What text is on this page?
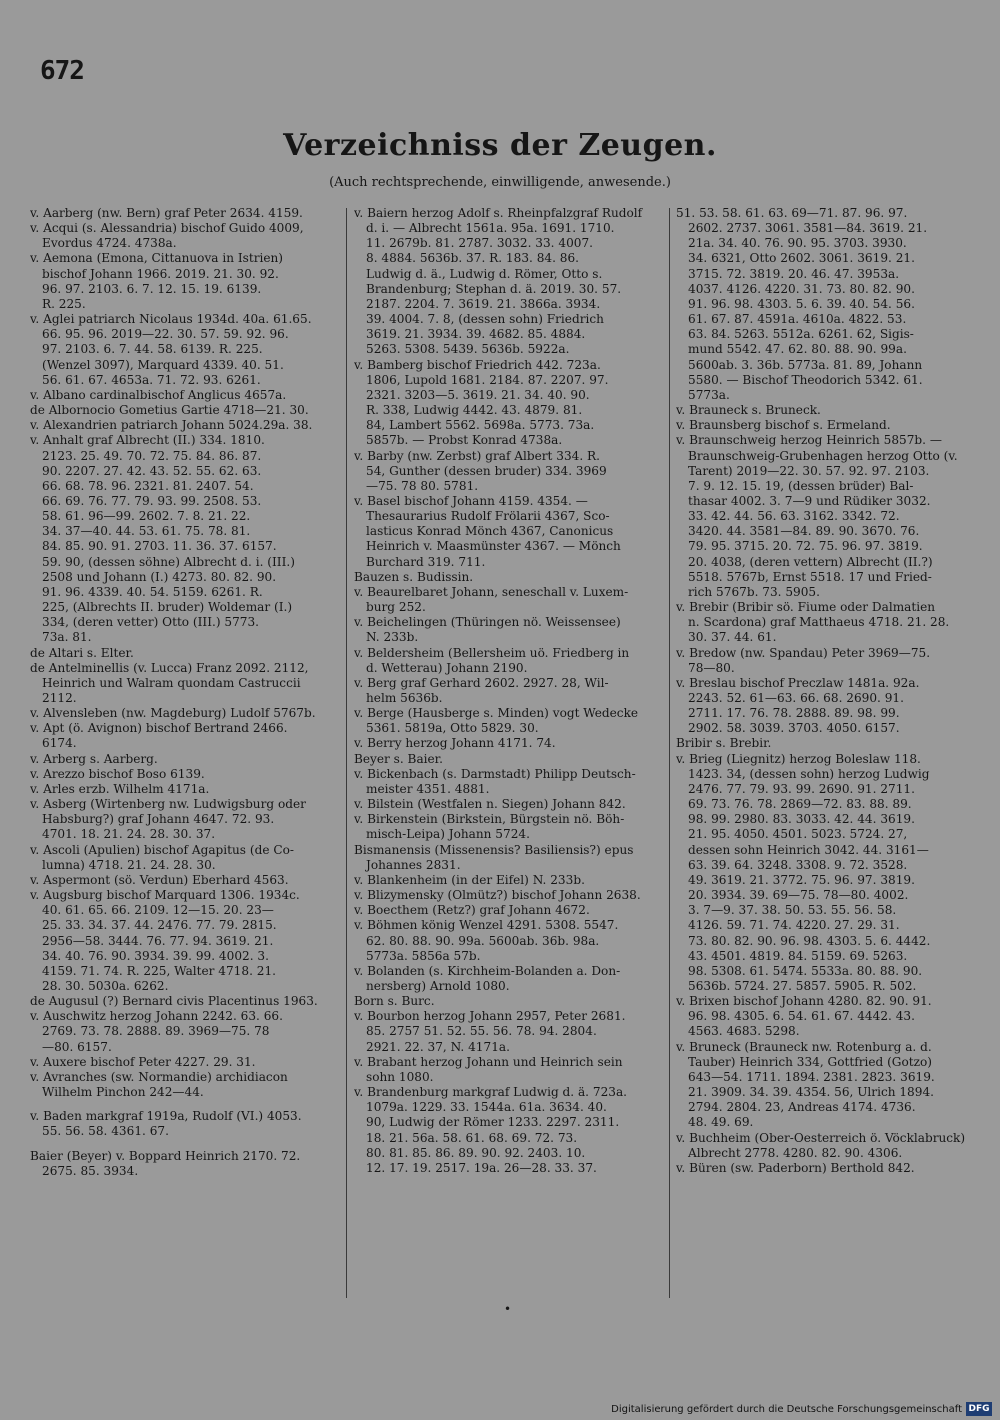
672
Verzeichniss der Zeugen.
(Auch rechtsprechende, einwilligende, anwesende.)
v. Aarberg (nw. Bern) graf Peter 2634. 4159.
v. Acqui (s. Alessandria) bischof Guido 4009,
Evordus 4724. 4738a.
v. Aemona (Emona, Cittanuova in Istrien)
bischof Johann 1966. 2019. 21. 30. 92.
96. 97. 2103. 6. 7. 12. 15. 19. 6139.
R. 225.
v. Aglei patriarch Nicolaus 1934d. 40a. 61.65.
66. 95. 96. 2019—22. 30. 57. 59. 92. 96.
97. 2103. 6. 7. 44. 58. 6139. R. 225.
(Wenzel 3097), Marquard 4339. 40. 51.
56. 61. 67. 4653a. 71. 72. 93. 6261.
v. Albano cardinalbischof Anglicus 4657a.
de Albornocio Gometius Gartie 4718—21. 30.
v. Alexandrien patriarch Johann 5024.29a. 38.
v. Anhalt graf Albrecht (II.) 334. 1810.
2123. 25. 49. 70. 72. 75. 84. 86. 87.
90. 2207. 27. 42. 43. 52. 55. 62. 63.
66. 68. 78. 96. 2321. 81. 2407. 54.
66. 69. 76. 77. 79. 93. 99. 2508. 53.
58. 61. 96—99. 2602. 7. 8. 21. 22.
34. 37—40. 44. 53. 61. 75. 78. 81.
84. 85. 90. 91. 2703. 11. 36. 37. 6157.
59. 90, (dessen söhne) Albrecht d. i. (III.)
2508 und Johann (I.) 4273. 80. 82. 90.
91. 96. 4339. 40. 54. 5159. 6261. R.
225, (Albrechts II. bruder) Woldemar (I.)
334, (deren vetter) Otto (III.) 5773.
73a. 81.
de Altari s. Elter.
de Antelminellis (v. Lucca) Franz 2092. 2112,
Heinrich und Walram quondam Castruccii
2112.
v. Alvensleben (nw. Magdeburg) Ludolf 5767b.
v. Apt (ö. Avignon) bischof Bertrand 2466.
6174.
v. Arberg s. Aarberg.
v. Arezzo bischof Boso 6139.
v. Arles erzb. Wilhelm 4171a.
v. Asberg (Wirtenberg nw. Ludwigsburg oder
Habsburg?) graf Johann 4647. 72. 93.
4701. 18. 21. 24. 28. 30. 37.
v. Ascoli (Apulien) bischof Agapitus (de Co-
lumna) 4718. 21. 24. 28. 30.
v. Aspermont (sö. Verdun) Eberhard 4563.
v. Augsburg bischof Marquard 1306. 1934c.
40. 61. 65. 66. 2109. 12—15. 20. 23—
25. 33. 34. 37. 44. 2476. 77. 79. 2815.
2956—58. 3444. 76. 77. 94. 3619. 21.
34. 40. 76. 90. 3934. 39. 99. 4002. 3.
4159. 71. 74. R. 225, Walter 4718. 21.
28. 30. 5030a. 6262.
de Augusul (?) Bernard civis Placentinus 1963.
v. Auschwitz herzog Johann 2242. 63. 66.
2769. 73. 78. 2888. 89. 3969—75. 78
—80. 6157.
v. Auxere bischof Peter 4227. 29. 31.
v. Avranches (sw. Normandie) archidiacon
Wilhelm Pinchon 242—44.
v. Baden markgraf 1919a, Rudolf (VI.) 4053.
55. 56. 58. 4361. 67.
Baier (Beyer) v. Boppard Heinrich 2170. 72.
2675. 85. 3934.
v. Baiern herzog Adolf s. Rheinpfalzgraf Rudolf
d. i. — Albrecht 1561a. 95a. 1691. 1710.
11. 2679b. 81. 2787. 3032. 33. 4007.
8. 4884. 5636b. 37. R. 183. 84. 86.
Ludwig d. ä., Ludwig d. Römer, Otto s.
Brandenburg; Stephan d. ä. 2019. 30. 57.
2187. 2204. 7. 3619. 21. 3866a. 3934.
39. 4004. 7. 8, (dessen sohn) Friedrich
3619. 21. 3934. 39. 4682. 85. 4884.
5263. 5308. 5439. 5636b. 5922a.
v. Bamberg bischof Friedrich 442. 723a.
1806, Lupold 1681. 2184. 87. 2207. 97.
2321. 3203—5. 3619. 21. 34. 40. 90.
R. 338, Ludwig 4442. 43. 4879. 81.
84, Lambert 5562. 5698a. 5773. 73a.
5857b. — Probst Konrad 4738a.
v. Barby (nw. Zerbst) graf Albert 334. R.
54, Gunther (dessen bruder) 334. 3969
—75. 78 80. 5781.
v. Basel bischof Johann 4159. 4354. —
Thesaurarius Rudolf Frölarii 4367, Sco-
lasticus Konrad Mönch 4367, Canonicus
Heinrich v. Maasmünster 4367. — Mönch
Burchard 319. 711.
Bauzen s. Budissin.
v. Beaurelbaret Johann, seneschall v. Luxem-
burg 252.
v. Beichelingen (Thüringen nö. Weissensee)
N. 233b.
v. Beldersheim (Bellersheim uö. Friedberg in
d. Wetterau) Johann 2190.
v. Berg graf Gerhard 2602. 2927. 28, Wil-
helm 5636b.
v. Berge (Hausberge s. Minden) vogt Wedecke
5361. 5819a, Otto 5829. 30.
v. Berry herzog Johann 4171. 74.
Beyer s. Baier.
v. Bickenbach (s. Darmstadt) Philipp Deutsch-
meister 4351. 4881.
v. Bilstein (Westfalen n. Siegen) Johann 842.
v. Birkenstein (Birkstein, Bürgstein nö. Böh-
misch-Leipa) Johann 5724.
Bismanensis (Missenensis? Basiliensis?) epus
Johannes 2831.
v. Blankenheim (in der Eifel) N. 233b.
v. Blizymensky (Olmütz?) bischof Johann 2638.
v. Boecthem (Retz?) graf Johann 4672.
v. Böhmen könig Wenzel 4291. 5308. 5547.
62. 80. 88. 90. 99a. 5600ab. 36b. 98a.
5773a. 5856a 57b.
v. Bolanden (s. Kirchheim-Bolanden a. Don-
nersberg) Arnold 1080.
Born s. Burc.
v. Bourbon herzog Johann 2957, Peter 2681.
85. 2757 51. 52. 55. 56. 78. 94. 2804.
2921. 22. 37, N. 4171a.
v. Brabant herzog Johann und Heinrich sein
sohn 1080.
v. Brandenburg markgraf Ludwig d. ä. 723a.
1079a. 1229. 33. 1544a. 61a. 3634. 40.
90, Ludwig der Römer 1233. 2297. 2311.
18. 21. 56a. 58. 61. 68. 69. 72. 73.
80. 81. 85. 86. 89. 90. 92. 2403. 10.
12. 17. 19. 2517. 19a. 26—28. 33. 37.
51. 53. 58. 61. 63. 69—71. 87. 96. 97.
2602. 2737. 3061. 3581—84. 3619. 21.
21a. 34. 40. 76. 90. 95. 3703. 3930.
34. 6321, Otto 2602. 3061. 3619. 21.
3715. 72. 3819. 20. 46. 47. 3953a.
4037. 4126. 4220. 31. 73. 80. 82. 90.
91. 96. 98. 4303. 5. 6. 39. 40. 54. 56.
61. 67. 87. 4591a. 4610a. 4822. 53.
63. 84. 5263. 5512a. 6261. 62, Sigis-
mund 5542. 47. 62. 80. 88. 90. 99a.
5600ab. 3. 36b. 5773a. 81. 89, Johann
5580. — Bischof Theodorich 5342. 61.
5773a.
v. Brauneck s. Bruneck.
v. Braunsberg bischof s. Ermeland.
v. Braunschweig herzog Heinrich 5857b. —
Braunschweig-Grubenhagen herzog Otto (v.
Tarent) 2019—22. 30. 57. 92. 97. 2103.
7. 9. 12. 15. 19, (dessen brüder) Bal-
thasar 4002. 3. 7—9 und Rüdiker 3032.
33. 42. 44. 56. 63. 3162. 3342. 72.
3420. 44. 3581—84. 89. 90. 3670. 76.
79. 95. 3715. 20. 72. 75. 96. 97. 3819.
20. 4038, (deren vettern) Albrecht (II.?)
5518. 5767b, Ernst 5518. 17 und Fried-
rich 5767b. 73. 5905.
v. Brebir (Bribir sö. Fiume oder Dalmatien
n. Scardona) graf Matthaeus 4718. 21. 28.
30. 37. 44. 61.
v. Bredow (nw. Spandau) Peter 3969—75.
78—80.
v. Breslau bischof Preczlaw 1481a. 92a.
2243. 52. 61—63. 66. 68. 2690. 91.
2711. 17. 76. 78. 2888. 89. 98. 99.
2902. 58. 3039. 3703. 4050. 6157.
Bribir s. Brebir.
v. Brieg (Liegnitz) herzog Boleslaw 118.
1423. 34, (dessen sohn) herzog Ludwig
2476. 77. 79. 93. 99. 2690. 91. 2711.
69. 73. 76. 78. 2869—72. 83. 88. 89.
98. 99. 2980. 83. 3033. 42. 44. 3619.
21. 95. 4050. 4501. 5023. 5724. 27,
dessen sohn Heinrich 3042. 44. 3161—
63. 39. 64. 3248. 3308. 9. 72. 3528.
49. 3619. 21. 3772. 75. 96. 97. 3819.
20. 3934. 39. 69—75. 78—80. 4002.
3. 7—9. 37. 38. 50. 53. 55. 56. 58.
4126. 59. 71. 74. 4220. 27. 29. 31.
73. 80. 82. 90. 96. 98. 4303. 5. 6. 4442.
43. 4501. 4819. 84. 5159. 69. 5263.
98. 5308. 61. 5474. 5533a. 80. 88. 90.
5636b. 5724. 27. 5857. 5905. R. 502.
v. Brixen bischof Johann 4280. 82. 90. 91.
96. 98. 4305. 6. 54. 61. 67. 4442. 43.
4563. 4683. 5298.
v. Bruneck (Brauneck nw. Rotenburg a. d.
Tauber) Heinrich 334, Gottfried (Gotzo)
643—54. 1711. 1894. 2381. 2823. 3619.
21. 3909. 34. 39. 4354. 56, Ulrich 1894.
2794. 2804. 23, Andreas 4174. 4736.
48. 49. 69.
v. Buchheim (Ober-Oesterreich ö. Vöcklabruck)
Albrecht 2778. 4280. 82. 90. 4306.
v. Büren (sw. Paderborn) Berthold 842.
•
Digitalisierung gefördert durch die Deutsche Forschungsgemeinschaft DFG
